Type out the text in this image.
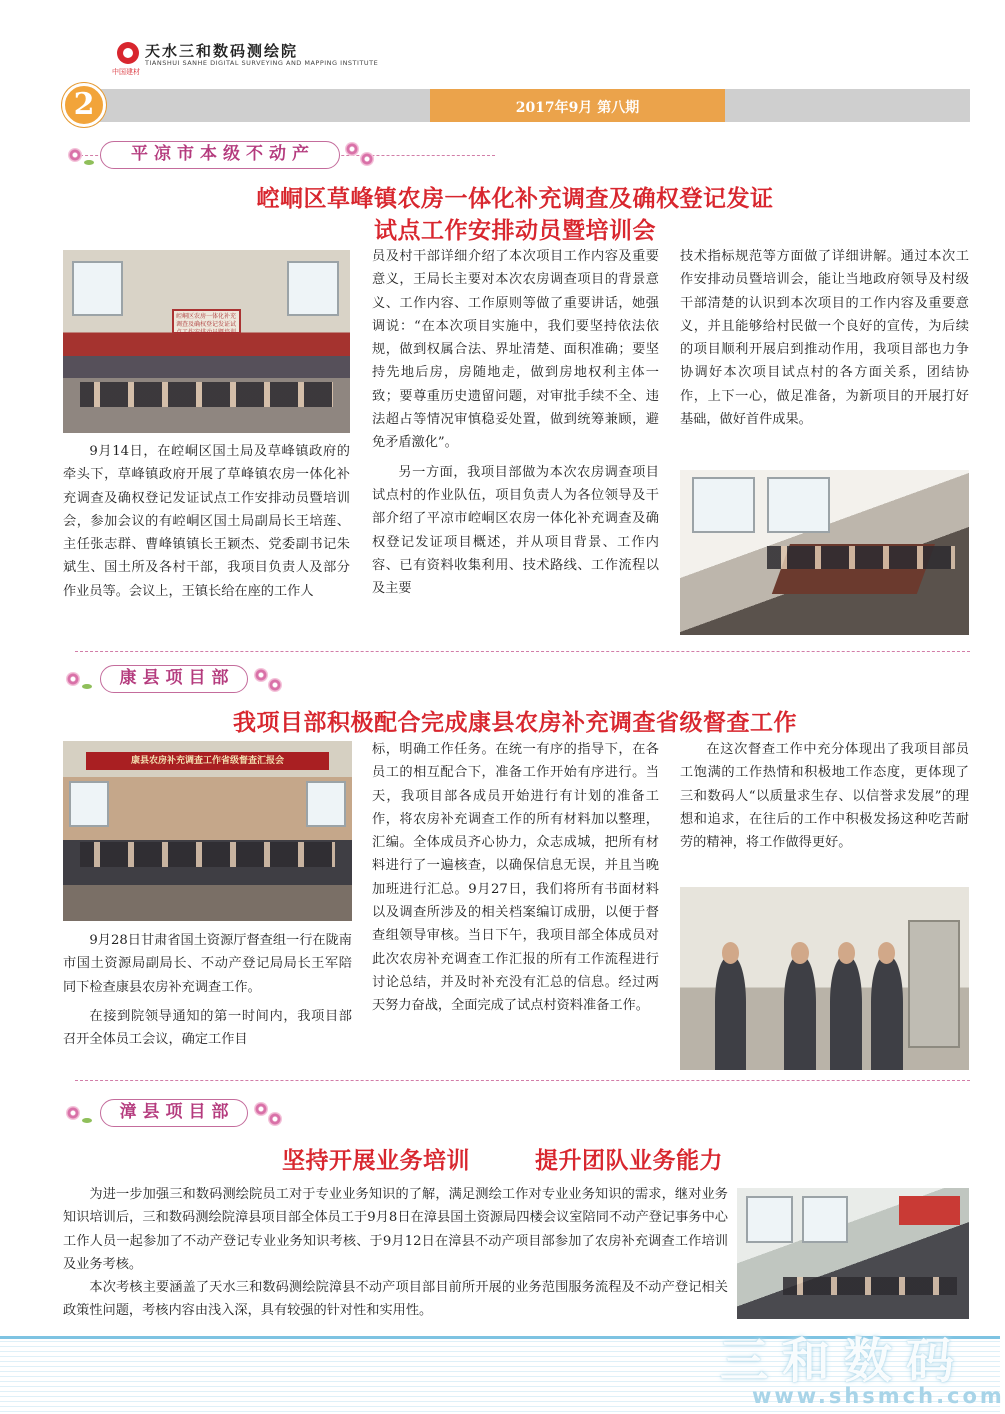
中国建材
天水三和数码测绘院
TIANSHUI SANHE DIGITAL SURVEYING AND MAPPING INSTITUTE
2017年9月 第八期
2
平凉市本级不动产
崆峒区草峰镇农房一体化补充调查及确权登记发证
试点工作安排动员暨培训会
崆峒区农房一体化补充调查及确权登记发证试点工作安排动员暨培训会

9月14日，在崆峒区国土局及草峰镇政府的牵头下，草峰镇政府开展了草峰镇农房一体化补充调查及确权登记发证试点工作安排动员暨培训会，参加会议的有崆峒区国土局副局长王培莲、主任张志群、曹峰镇镇长王颖杰、党委副书记朱斌生、国土所及各村干部，我项目负责人及部分作业员等。会议上，王镇长给在座的工作人

员及村干部详细介绍了本次项目工作内容及重要意义，王局长主要对本次农房调查项目的背景意义、工作内容、工作原则等做了重要讲话，她强调说：“在本次项目实施中，我们要坚持依法依规，做到权属合法、界址清楚、面积准确；要坚持先地后房，房随地走，做到房地权利主体一致；要尊重历史遗留问题，对审批手续不全、违法超占等情况审慎稳妥处置，做到统筹兼顾，避免矛盾激化”。

另一方面，我项目部做为本次农房调查项目试点村的作业队伍，项目负责人为各位领导及干部介绍了平凉市崆峒区农房一体化补充调查及确权登记发证项目概述，并从项目背景、工作内容、已有资料收集利用、技术路线、工作流程以及主要

技术指标规范等方面做了详细讲解。通过本次工作安排动员暨培训会，能让当地政府领导及村级干部清楚的认识到本次项目的工作内容及重要意义，并且能够给村民做一个良好的宣传，为后续的项目顺利开展启到推动作用，我项目部也力争协调好本次项目试点村的各方面关系，团结协作，上下一心，做足准备，为新项目的开展打好基础，做好首件成果。

康县项目部
我项目部积极配合完成康县农房补充调查省级督查工作
康县农房补充调查工作省级督查汇报会

9月28日甘肃省国土资源厅督查组一行在陇南市国土资源局副局长、不动产登记局局长王军陪同下检查康县农房补充调查工作。

在接到院领导通知的第一时间内，我项目部召开全体员工会议，确定工作目

标，明确工作任务。在统一有序的指导下，在各员工的相互配合下，准备工作开始有序进行。当天，我项目部各成员开始进行有计划的准备工作，将农房补充调查工作的所有材料加以整理，汇编。全体成员齐心协力，众志成城，把所有材料进行了一遍核查，以确保信息无误，并且当晚加班进行汇总。9月27日，我们将所有书面材料以及调查所涉及的相关档案编订成册，以便于督查组领导审核。当日下午，我项目部全体成员对此次农房补充调查工作汇报的所有工作流程进行讨论总结，并及时补充没有汇总的信息。经过两天努力奋战，全面完成了试点村资料准备工作。

在这次督查工作中充分体现出了我项目部员工饱满的工作热情和积极地工作态度，更体现了三和数码人“以质量求生存、以信誉求发展”的理想和追求，在往后的工作中积极发扬这种吃苦耐劳的精神，将工作做得更好。

漳县项目部
坚持开展业务培训	提升团队业务能力

为进一步加强三和数码测绘院员工对于专业业务知识的了解，满足测绘工作对专业业务知识的需求，继对业务知识培训后，三和数码测绘院漳县项目部全体员工于9月8日在漳县国土资源局四楼会议室陪同不动产登记事务中心工作人员一起参加了不动产登记专业业务知识考核、于9月12日在漳县不动产项目部参加了农房补充调查工作培训及业务考核。

本次考核主要涵盖了天水三和数码测绘院漳县不动产项目部目前所开展的业务范围服务流程及不动产登记相关政策性问题，考核内容由浅入深，具有较强的针对性和实用性。

三和数码
www.shsmch.com
